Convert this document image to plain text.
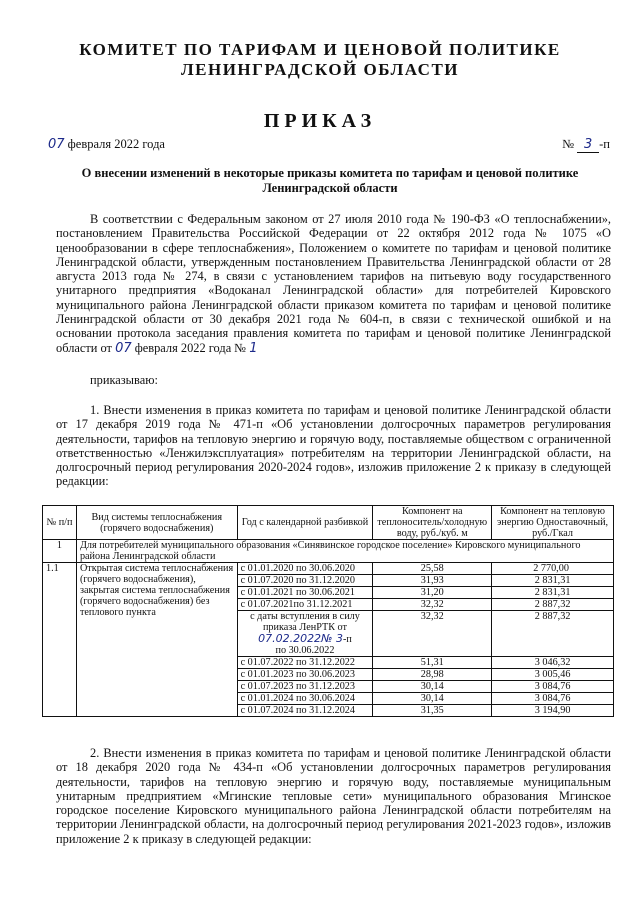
КОМИТЕТ ПО ТАРИФАМ И ЦЕНОВОЙ ПОЛИТИКЕ
ЛЕНИНГРАДСКОЙ ОБЛАСТИ
ПРИКАЗ
07 февраля 2022 года	№ 3 -п
О внесении изменений в некоторые приказы комитета по тарифам и ценовой политике Ленинградской области

В соответствии с Федеральным законом от 27 июля 2010 года № 190-ФЗ «О теплоснабжении», постановлением Правительства Российской Федерации от 22 октября 2012 года № 1075 «О ценообразовании в сфере теплоснабжения», Положением о комитете по тарифам и ценовой политике Ленинградской области, утвержденным постановлением Правительства Ленинградской области от 28 августа 2013 года № 274, в связи с установлением тарифов на питьевую воду государственного унитарного предприятия «Водоканал Ленинградской области» для потребителей Кировского муниципального района Ленинградской области приказом комитета по тарифам и ценовой политике Ленинградской области от 30 декабря 2021 года № 604-п, в связи с технической ошибкой и на основании протокола заседания правления комитета по тарифам и ценовой политике Ленинградской области от 07 февраля 2022 года № 1

приказываю:

1. Внести изменения в приказ комитета по тарифам и ценовой политике Ленинградской области от 17 декабря 2019 года № 471-п «Об установлении долгосрочных параметров регулирования деятельности, тарифов на тепловую энергию и горячую воду, поставляемые обществом с ограниченной ответственностью «Ленжилэксплуатация» потребителям на территории Ленинградской области, на долгосрочный период регулирования 2020-2024 годов», изложив приложение 2 к приказу в следующей редакции:

№ п/п	Вид системы теплоснабжения (горячего водоснабжения)	Год с календарной разбивкой	Компонент на теплоноситель/холодную воду, руб./куб. м	Компонент на тепловую энергию Одноставочный, руб./Гкал
1	Для потребителей муниципального образования «Синявинское городское поселение» Кировского муниципального района Ленинградской области			
1.1	Открытая система теплоснабжения (горячего водоснабжения), закрытая система теплоснабжения (горячего водоснабжения) без теплового пункта	с 01.01.2020 по 30.06.2020	25,58	2 770,00
		с 01.07.2020 по 31.12.2020	31,93	2 831,31
		с 01.01.2021 по 30.06.2021	31,20	2 831,31
		с 01.07.2021по 31.12.2021	32,32	2 887,32

		с даты вступления в силу приказа ЛенРТК от
07.02.2022№ 3-п
по 30.06.2022	32,32	2 887,32
		с 01.07.2022 по 31.12.2022	51,31	3 046,32
		с 01.01.2023 по 30.06.2023	28,98	3 005,46
		с 01.07.2023 по 31.12.2023	30,14	3 084,76
		с 01.01.2024 по 30.06.2024	30,14	3 084,76
		с 01.07.2024 по 31.12.2024	31,35	3 194,90

2. Внести изменения в приказ комитета по тарифам и ценовой политике Ленинградской области от 18 декабря 2020 года № 434-п «Об установлении долгосрочных параметров регулирования деятельности, тарифов на тепловую энергию и горячую воду, поставляемые муниципальным унитарным предприятием «Мгинские тепловые сети» муниципального образования Мгинское городское поселение Кировского муниципального района Ленинградской области потребителям на территории Ленинградской области, на долгосрочный период регулирования 2021-2023 годов», изложив приложение 2 к приказу в следующей редакции:
